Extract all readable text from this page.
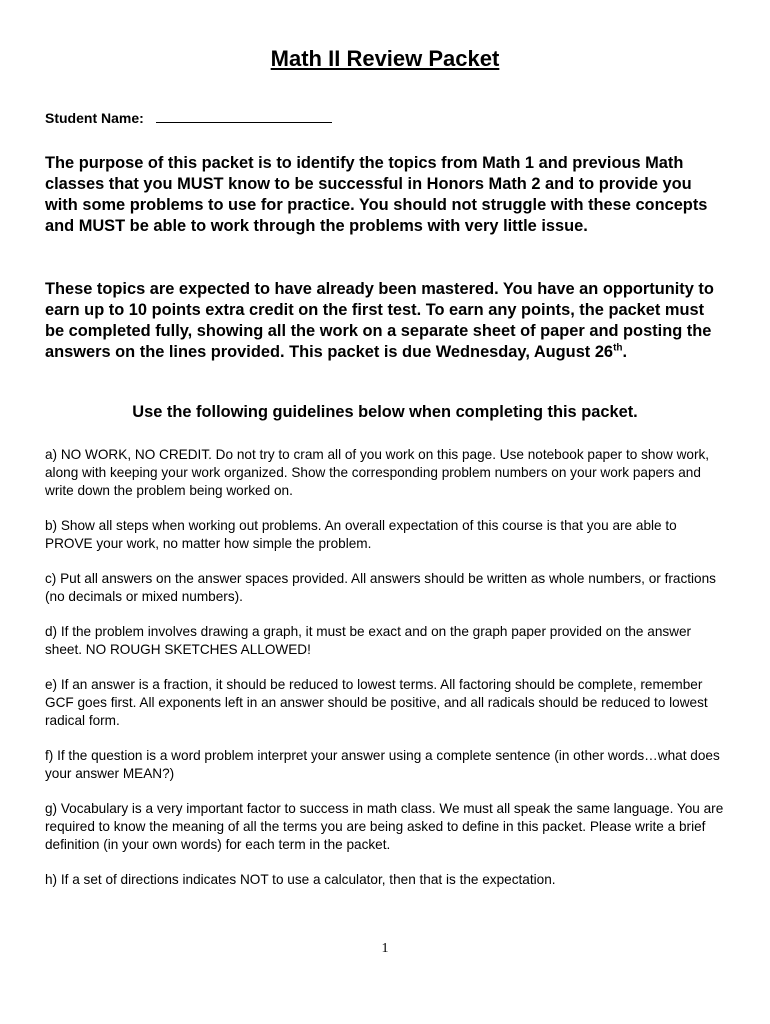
Math II Review Packet
Student Name:

The purpose of this packet is to identify the topics from Math 1 and previous Math classes that you MUST know to be successful in Honors Math 2 and to provide you with some problems to use for practice. You should not struggle with these concepts and MUST be able to work through the problems with very little issue.

These topics are expected to have already been mastered. You have an opportunity to earn up to 10 points extra credit on the first test. To earn any points, the packet must be completed fully, showing all the work on a separate sheet of paper and posting the answers on the lines provided. This packet is due Wednesday, August 26th.

Use the following guidelines below when completing this packet.
a) NO WORK, NO CREDIT. Do not try to cram all of you work on this page. Use notebook paper to show work, along with keeping your work organized. Show the corresponding problem numbers on your work papers and write down the problem being worked on.
b) Show all steps when working out problems. An overall expectation of this course is that you are able to PROVE your work, no matter how simple the problem.
c) Put all answers on the answer spaces provided. All answers should be written as whole numbers, or fractions (no decimals or mixed numbers).
d) If the problem involves drawing a graph, it must be exact and on the graph paper provided on the answer sheet. NO ROUGH SKETCHES ALLOWED!
e) If an answer is a fraction, it should be reduced to lowest terms. All factoring should be complete, remember GCF goes first. All exponents left in an answer should be positive, and all radicals should be reduced to lowest radical form.
f) If the question is a word problem interpret your answer using a complete sentence (in other words…what does your answer MEAN?)
g) Vocabulary is a very important factor to success in math class. We must all speak the same language. You are required to know the meaning of all the terms you are being asked to define in this packet. Please write a brief definition (in your own words) for each term in the packet.
h) If a set of directions indicates NOT to use a calculator, then that is the expectation.
1
